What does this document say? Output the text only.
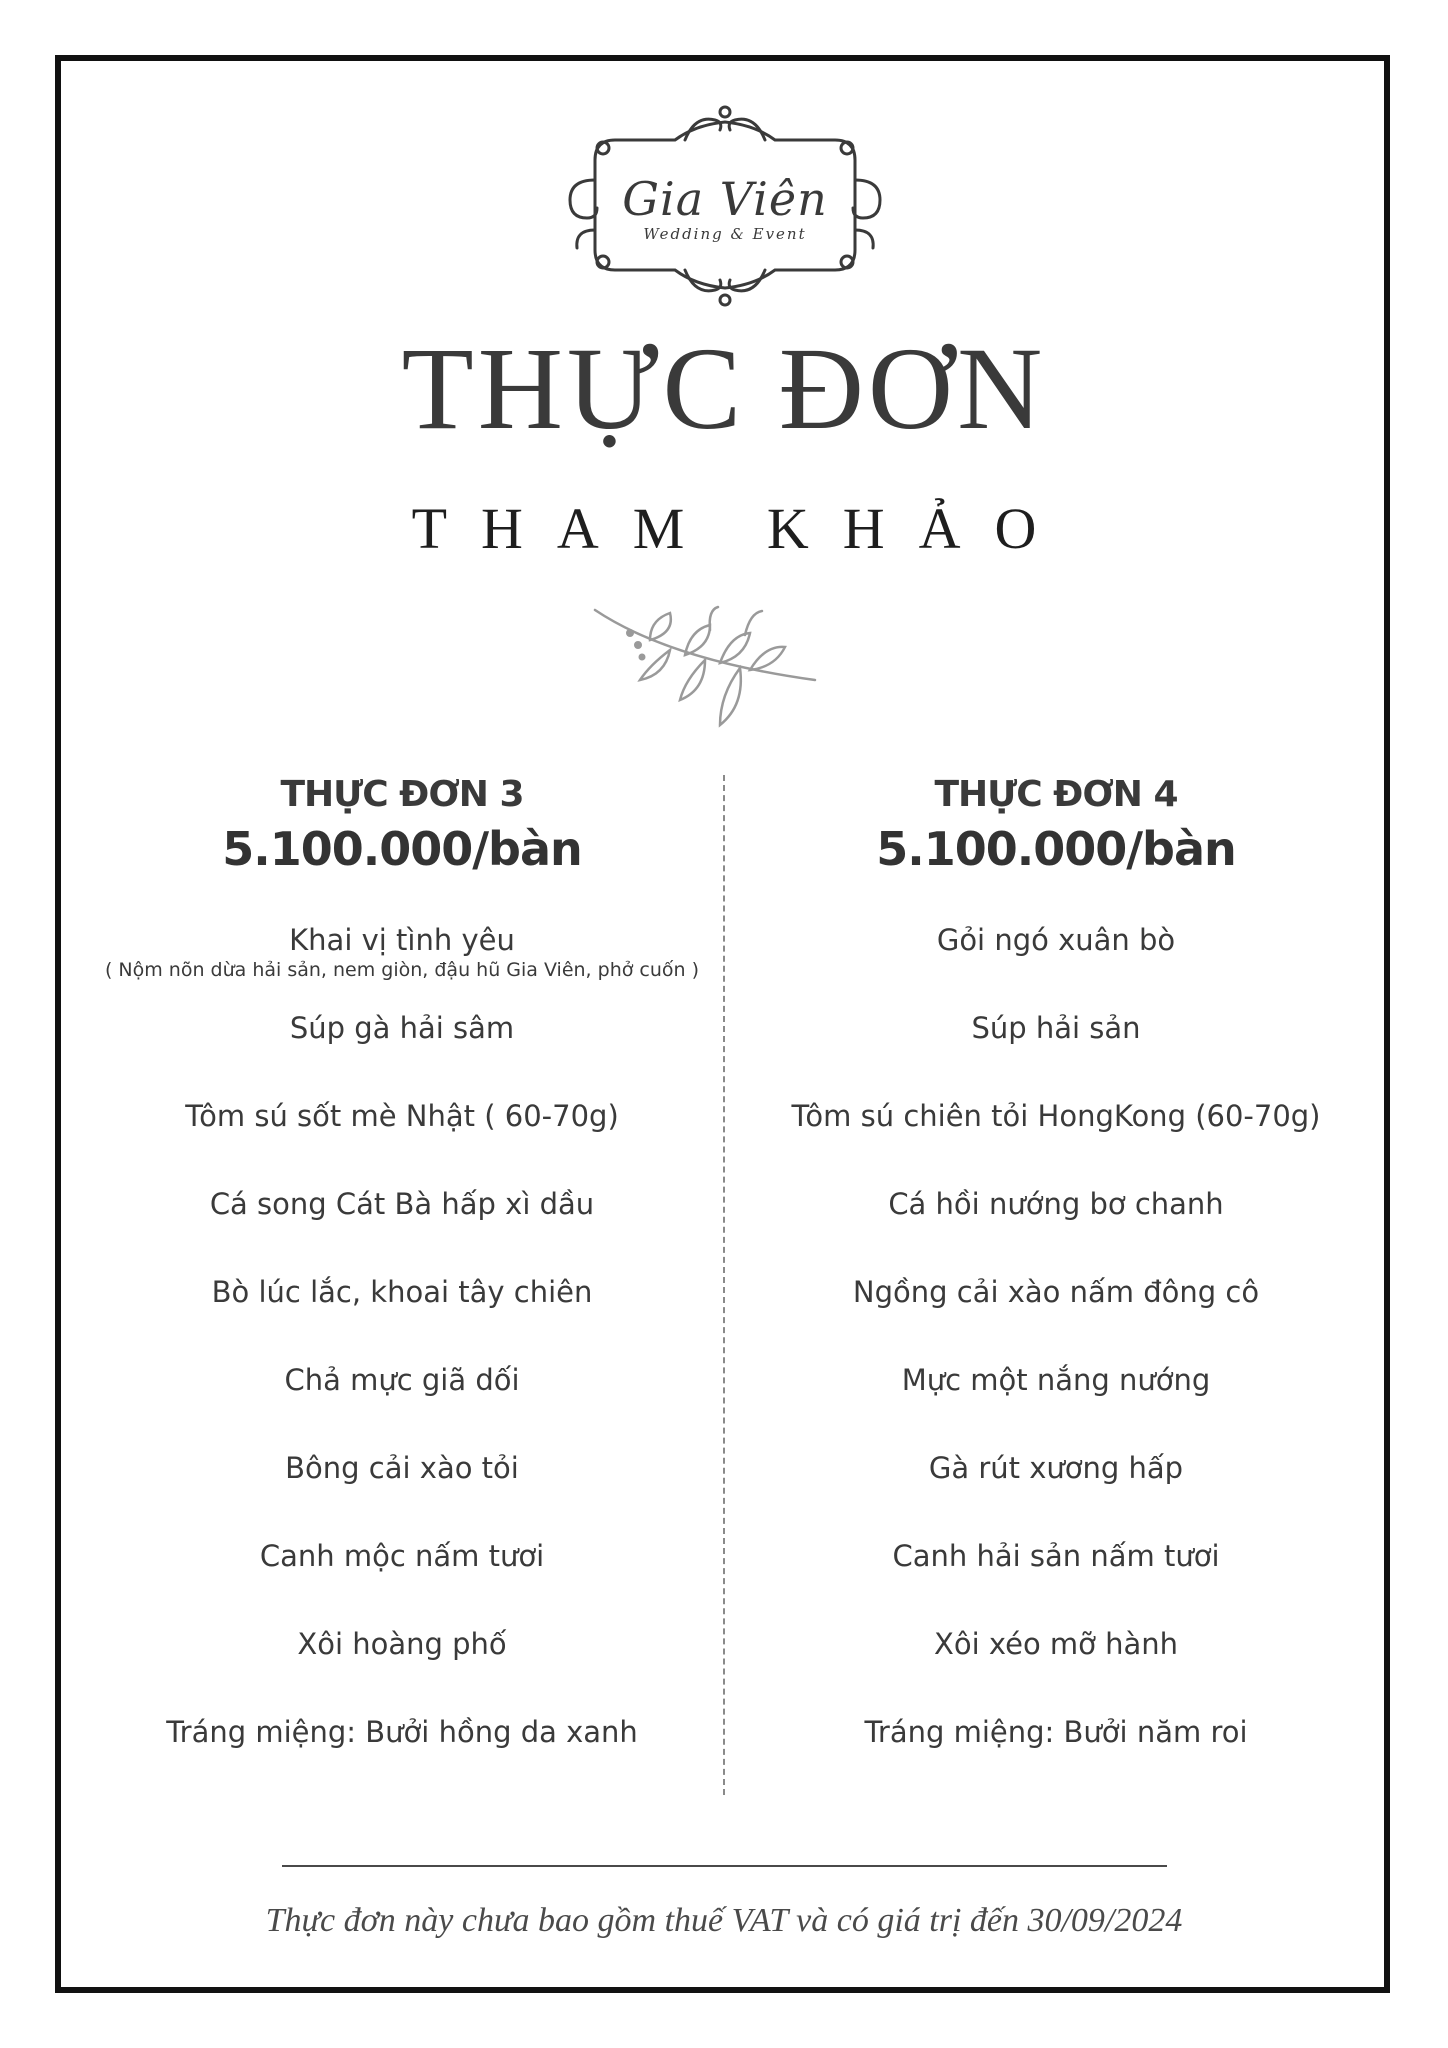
Gia Viên
Wedding & Event
THỰC ĐƠN
THAM KHẢO
THỰC ĐƠN 3
5.100.000/bàn
Khai vị tình yêu
( Nộm nõn dừa hải sản, nem giòn, đậu hũ Gia Viên, phở cuốn )
Súp gà hải sâm
Tôm sú sốt mè Nhật ( 60-70g)
Cá song Cát Bà hấp xì dầu
Bò lúc lắc, khoai tây chiên
Chả mực giã dối
Bông cải xào tỏi
Canh mộc nấm tươi
Xôi hoàng phố
Tráng miệng: Bưởi hồng da xanh
THỰC ĐƠN 4
5.100.000/bàn
Gỏi ngó xuân bò
Súp hải sản
Tôm sú chiên tỏi HongKong (60-70g)
Cá hồi nướng bơ chanh
Ngồng cải xào nấm đông cô
Mực một nắng nướng
Gà rút xương hấp
Canh hải sản nấm tươi
Xôi xéo mỡ hành
Tráng miệng: Bưởi năm roi
Thực đơn này chưa bao gồm thuế VAT và có giá trị đến 30/09/2024
